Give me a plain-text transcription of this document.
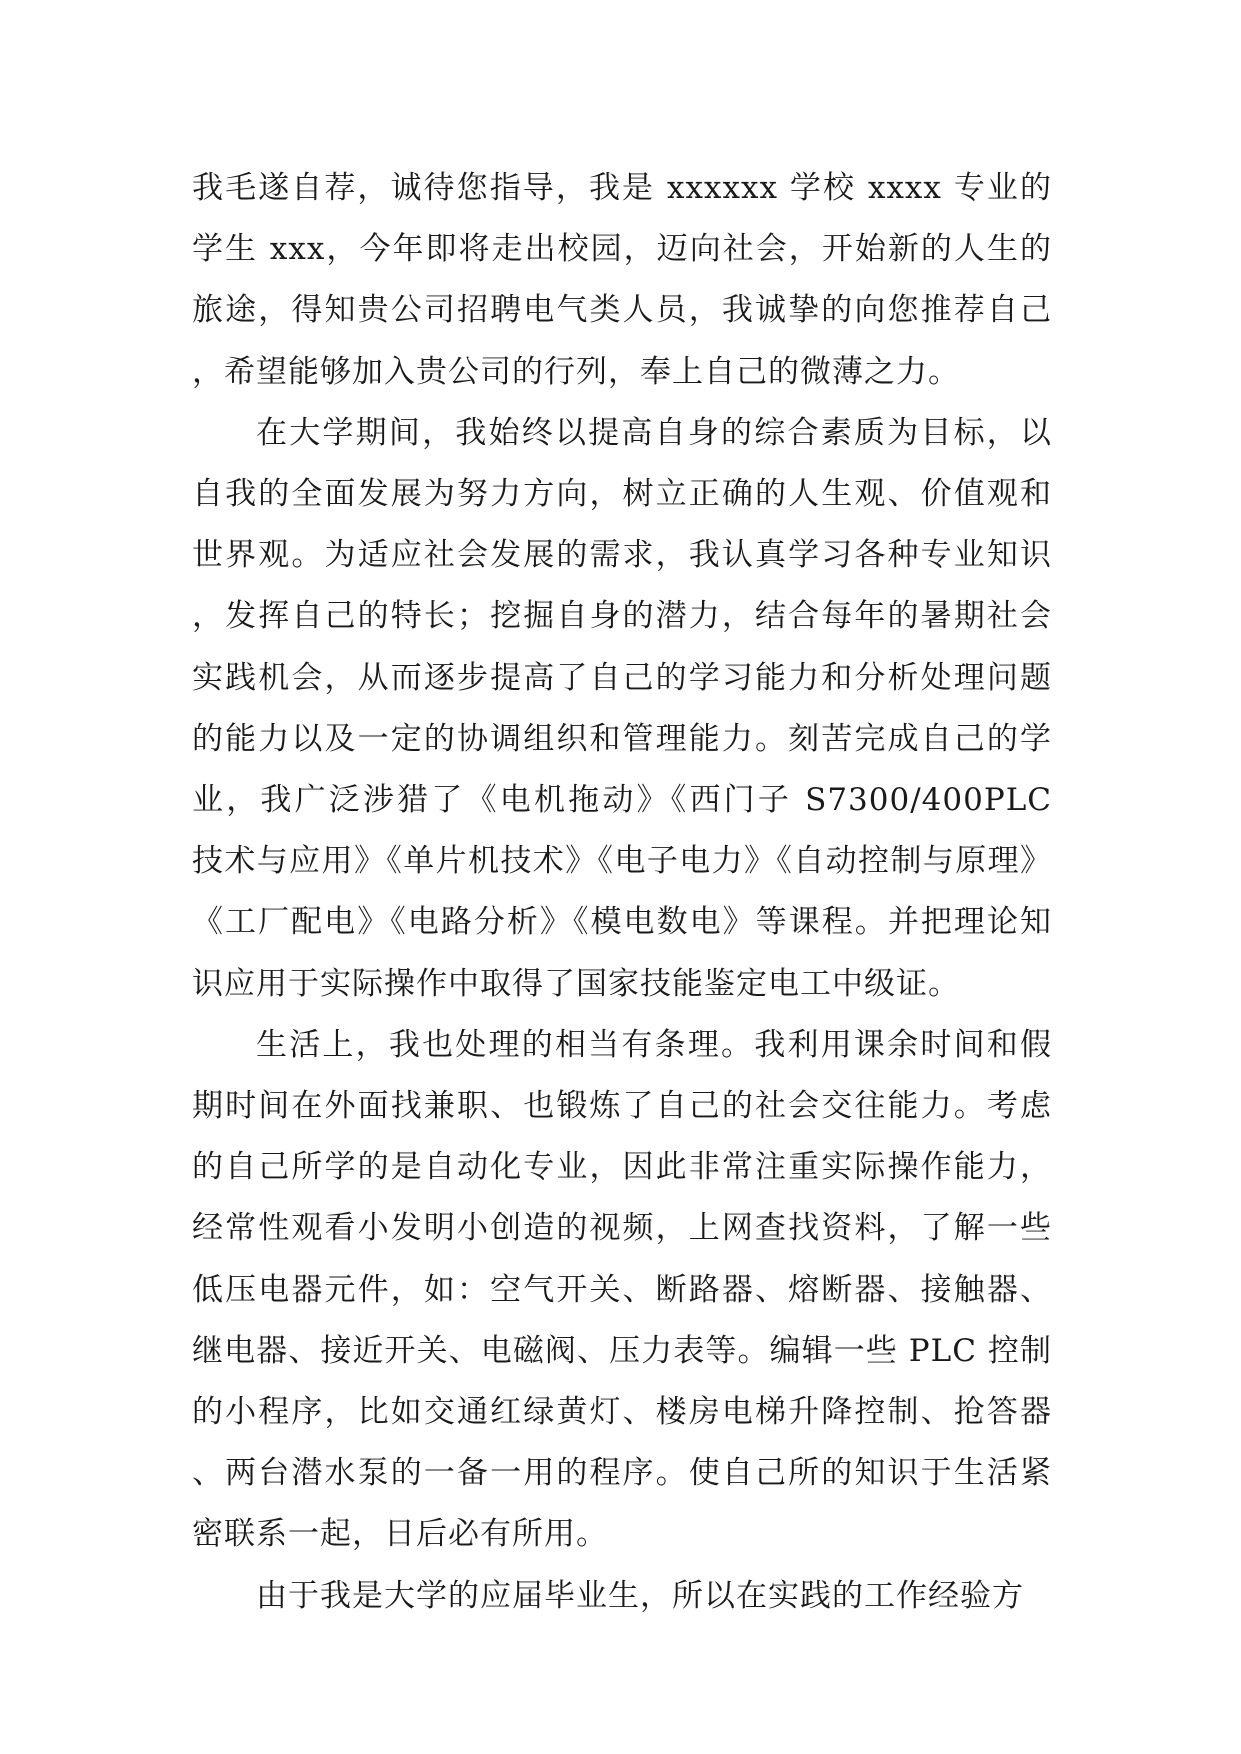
我毛遂自荐，诚待您指导，我是 xxxxxx 学校 xxxx 专业的学生 xxx，今年即将走出校园，迈向社会，开始新的人生的旅途，得知贵公司招聘电气类人员，我诚挚的向您推荐自己，希望能够加入贵公司的行列，奉上自己的微薄之力。

在大学期间，我始终以提高自身的综合素质为目标，以自我的全面发展为努力方向，树立正确的人生观、价值观和世界观。为适应社会发展的需求，我认真学习各种专业知识，发挥自己的特长；挖掘自身的潜力，结合每年的暑期社会实践机会，从而逐步提高了自己的学习能力和分析处理问题的能力以及一定的协调组织和管理能力。刻苦完成自己的学业，我广泛涉猎了《电机拖动》《西门子 S7300/400PLC 技术与应用》《单片机技术》《电子电力》《自动控制与原理》《工厂配电》《电路分析》《模电数电》等课程。并把理论知识应用于实际操作中取得了国家技能鉴定电工中级证。

生活上，我也处理的相当有条理。我利用课余时间和假期时间在外面找兼职、也锻炼了自己的社会交往能力。考虑的自己所学的是自动化专业，因此非常注重实际操作能力，经常性观看小发明小创造的视频，上网查找资料，了解一些低压电器元件，如：空气开关、断路器、熔断器、接触器、继电器、接近开关、电磁阀、压力表等。编辑一些 PLC 控制的小程序，比如交通红绿黄灯、楼房电梯升降控制、抢答器、两台潜水泵的一备一用的程序。使自己所的知识于生活紧密联系一起，日后必有所用。

由于我是大学的应届毕业生，所以在实践的工作经验方
